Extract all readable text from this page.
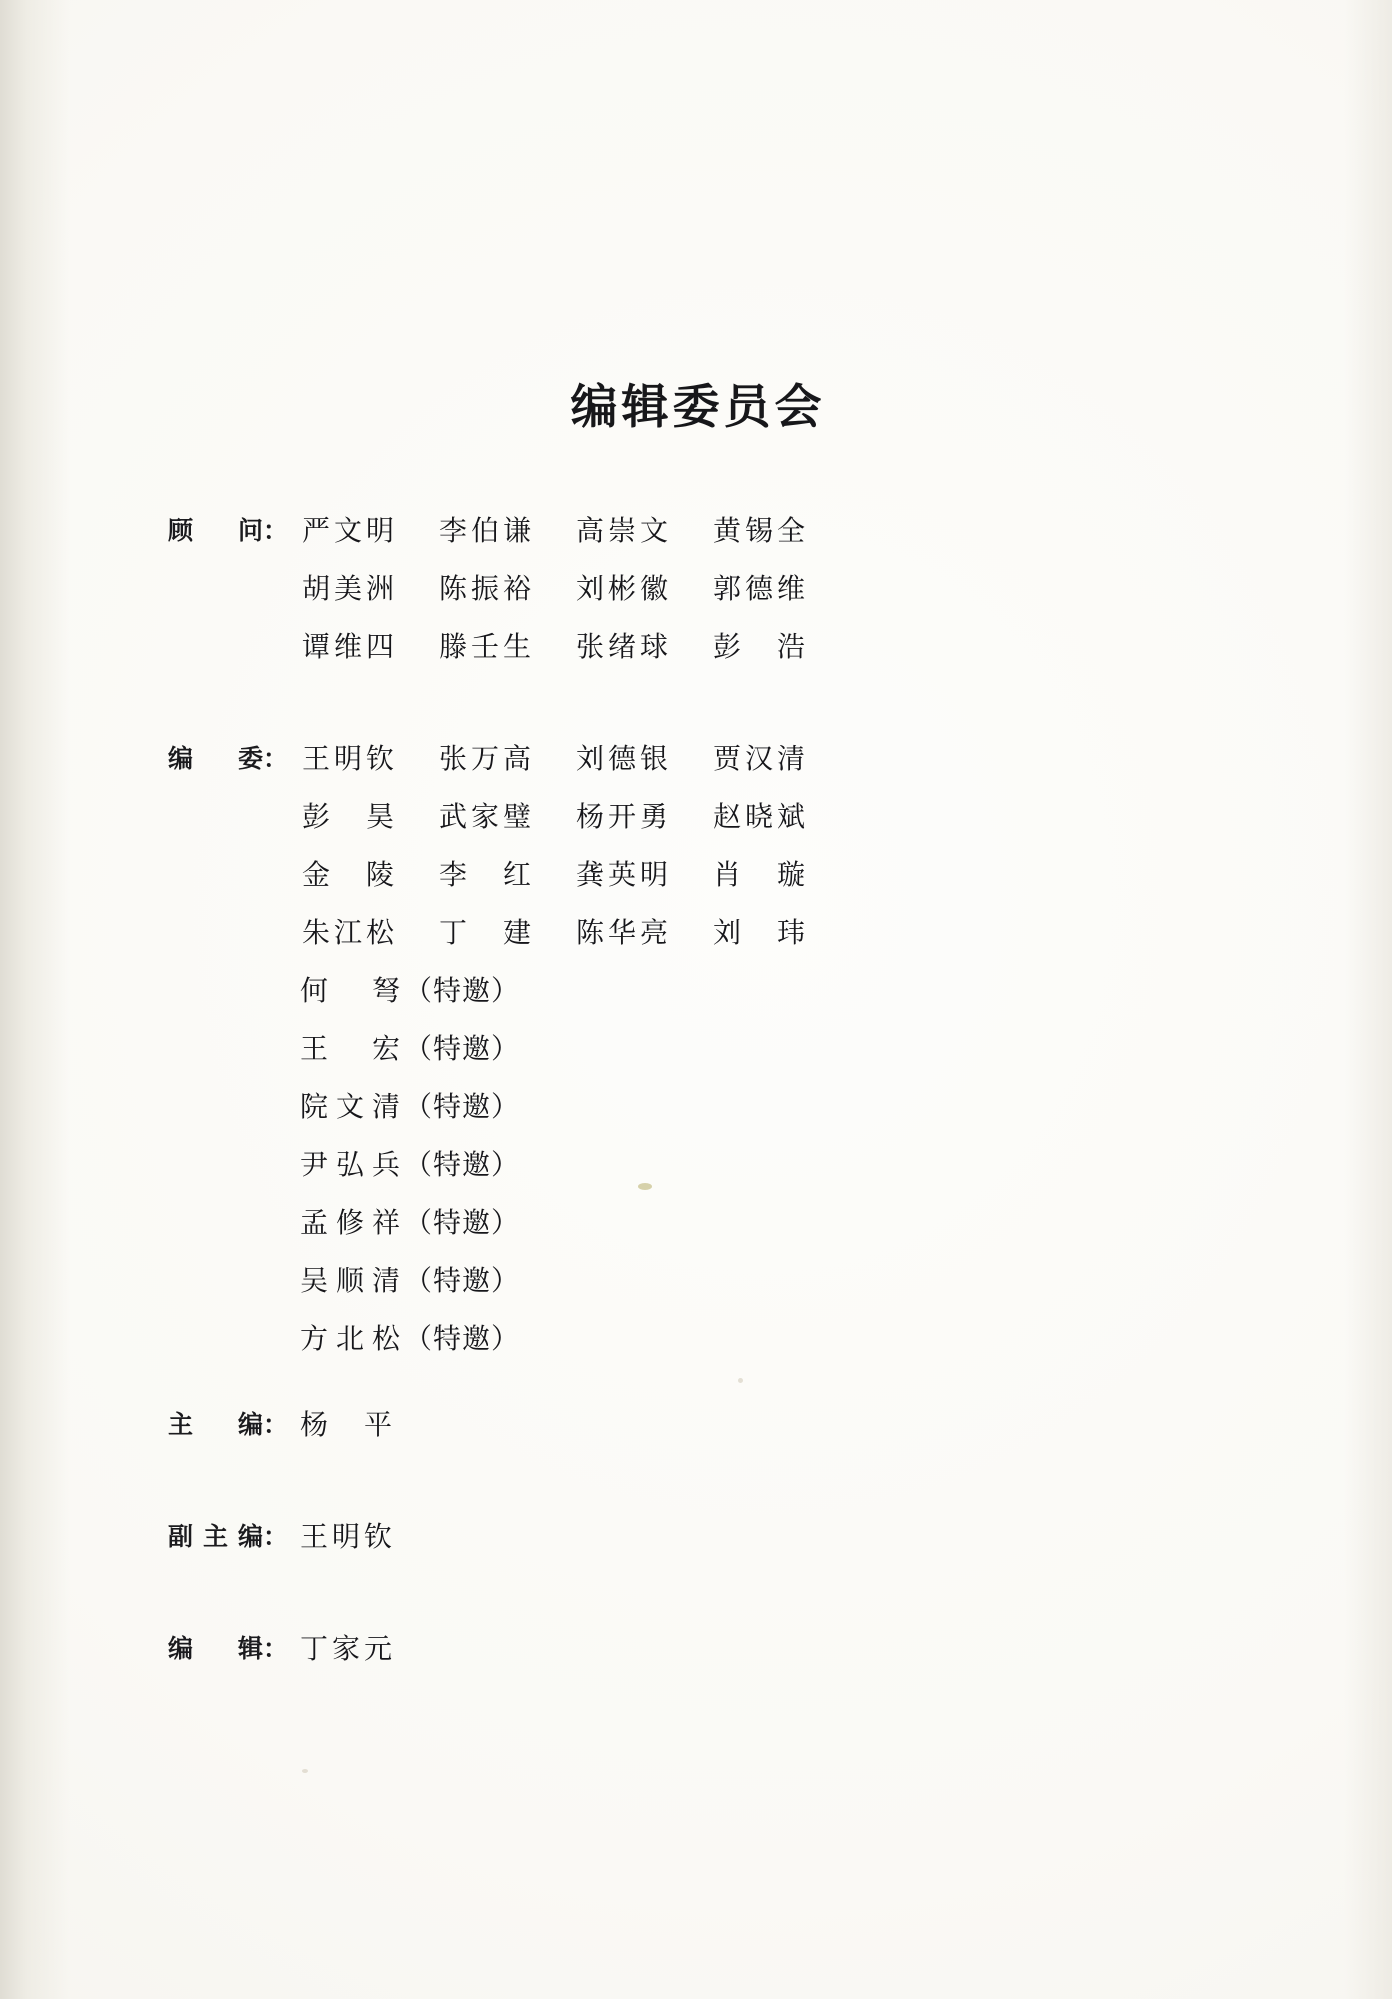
编辑委员会
顾　问： 严文明	李伯谦	高崇文	黄锡全
胡美洲	陈振裕	刘彬徽	郭德维
谭维四	滕壬生	张绪球	彭　浩
编　委： 王明钦	张万高	刘德银	贾汉清
彭　昊	武家璧	杨开勇	赵晓斌
金　陵	李　红	龚英明	肖　璇
朱江松	丁　建	陈华亮	刘　玮
何　弩（特邀）
王　宏（特邀）
院文清（特邀）
尹弘兵（特邀）
孟修祥（特邀）
吴顺清（特邀）
方北松（特邀）
主　编： 杨　平
副主编： 王明钦
编　辑： 丁家元
